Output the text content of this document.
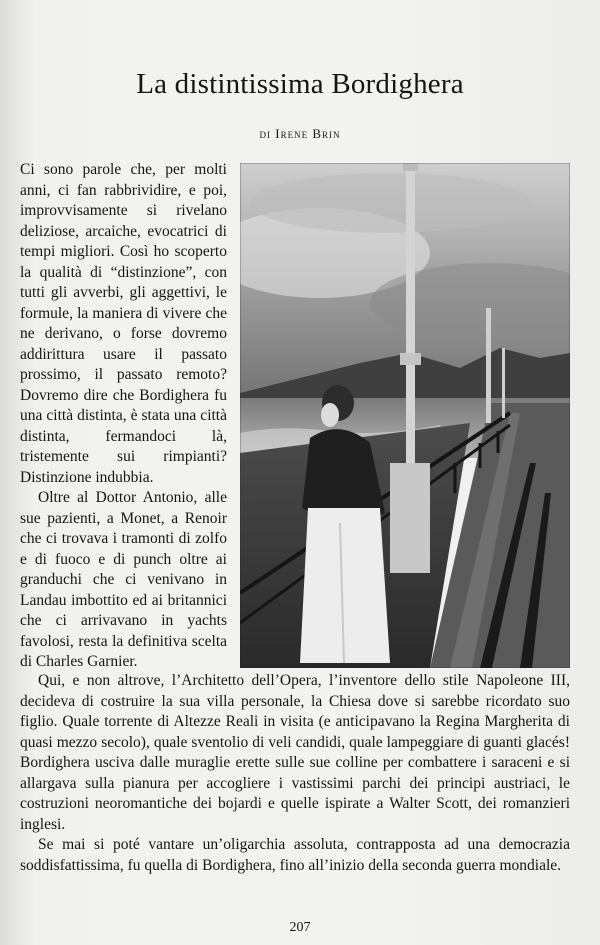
La distintissima Bordighera
di Irene Brin

Ci sono parole che, per molti anni, ci fan rabbrividire, e poi, improvvisamente si rivelano deliziose, arcaiche, evocatrici di tempi migliori. Così ho scoperto la qualità di “distinzione”, con tutti gli avverbi, gli aggettivi, le formule, la maniera di vivere che ne derivano, o forse dovremo addirittura usare il passato prossimo, il passato remoto? Dovremo dire che Bordighera fu una città distinta, è stata una città distinta, fermandoci là, tristemente sui rimpianti? Distinzione indubbia.

Oltre al Dottor Antonio, alle sue pazienti, a Monet, a Renoir che ci trovava i tramonti di zolfo e di fuoco e di punch oltre ai granduchi che ci venivano in Landau imbottito ed ai britannici che ci arrivavano in yachts favolosi, resta la definitiva scelta di Charles Garnier.

Qui, e non altrove, l’Architetto dell’Opera, l’inventore dello stile Napoleone III, decideva di costruire la sua villa personale, la Chiesa dove si sarebbe ricordato suo figlio. Quale torrente di Altezze Reali in visita (e anticipavano la Regina Margherita di quasi mezzo secolo), quale sventolio di veli candidi, quale lampeggiare di guanti glacés! Bordighera usciva dalle muraglie erette sulle sue colline per combattere i saraceni e si allargava sulla pianura per accogliere i vastissimi parchi dei principi austriaci, le costruzioni neoromantiche dei bojardi e quelle ispirate a Walter Scott, dei romanzieri inglesi.

Se mai si poté vantare un’oligarchia assoluta, contrapposta ad una democrazia soddisfattissima, fu quella di Bordighera, fino all’inizio della seconda guerra mondiale.

207
